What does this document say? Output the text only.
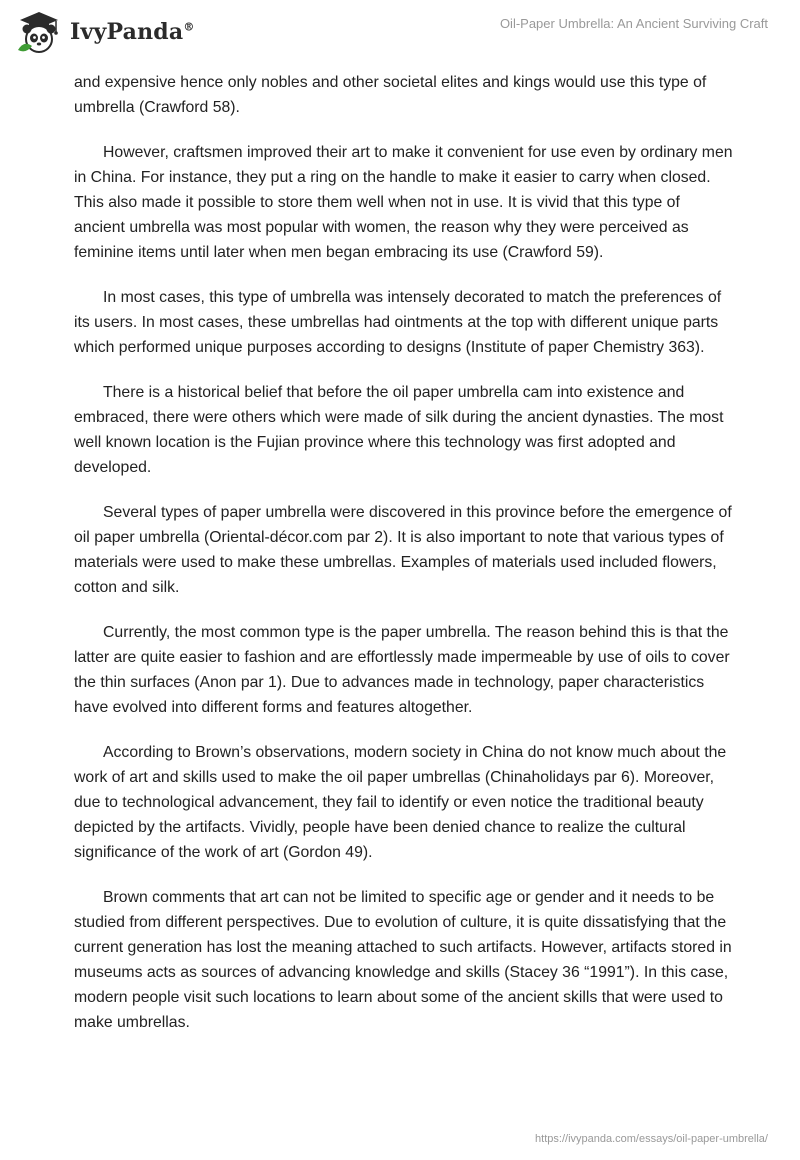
IvyPanda®	Oil-Paper Umbrella: An Ancient Surviving Craft

and expensive hence only nobles and other societal elites and kings would use this type of umbrella (Crawford 58).

However, craftsmen improved their art to make it convenient for use even by ordinary men in China. For instance, they put a ring on the handle to make it easier to carry when closed. This also made it possible to store them well when not in use. It is vivid that this type of ancient umbrella was most popular with women, the reason why they were perceived as feminine items until later when men began embracing its use (Crawford 59).

In most cases, this type of umbrella was intensely decorated to match the preferences of its users. In most cases, these umbrellas had ointments at the top with different unique parts which performed unique purposes according to designs (Institute of paper Chemistry 363).

There is a historical belief that before the oil paper umbrella cam into existence and embraced, there were others which were made of silk during the ancient dynasties. The most well known location is the Fujian province where this technology was first adopted and developed.

Several types of paper umbrella were discovered in this province before the emergence of oil paper umbrella (Oriental-décor.com par 2). It is also important to note that various types of materials were used to make these umbrellas. Examples of materials used included flowers, cotton and silk.

Currently, the most common type is the paper umbrella. The reason behind this is that the latter are quite easier to fashion and are effortlessly made impermeable by use of oils to cover the thin surfaces (Anon par 1). Due to advances made in technology, paper characteristics have evolved into different forms and features altogether.

According to Brown’s observations, modern society in China do not know much about the work of art and skills used to make the oil paper umbrellas (Chinaholidays par 6). Moreover, due to technological advancement, they fail to identify or even notice the traditional beauty depicted by the artifacts. Vividly, people have been denied chance to realize the cultural significance of the work of art (Gordon 49).

Brown comments that art can not be limited to specific age or gender and it needs to be studied from different perspectives. Due to evolution of culture, it is quite dissatisfying that the current generation has lost the meaning attached to such artifacts. However, artifacts stored in museums acts as sources of advancing knowledge and skills (Stacey 36 “1991”). In this case, modern people visit such locations to learn about some of the ancient skills that were used to make umbrellas.

https://ivypanda.com/essays/oil-paper-umbrella/
